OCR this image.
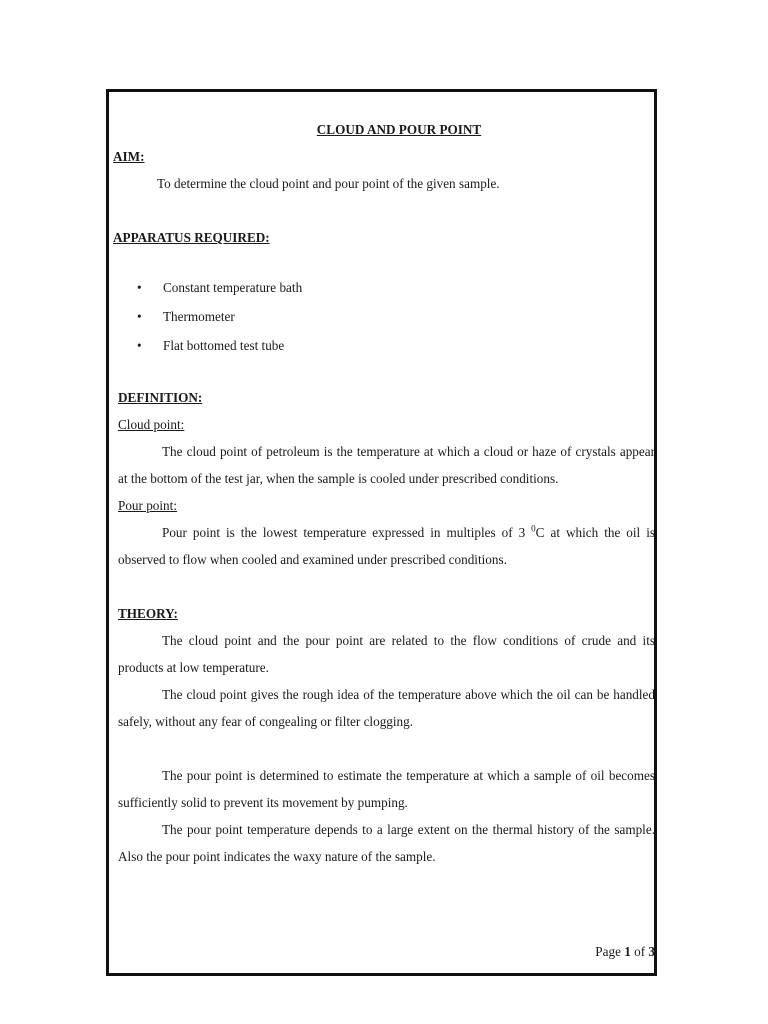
CLOUD AND POUR POINT
AIM:

To determine the cloud point and pour point of the given sample.

APPARATUS REQUIRED:
• Constant temperature bath
• Thermometer
• Flat bottomed test tube
DEFINITION:
Cloud point:

The cloud point of petroleum is the temperature at which a cloud or haze of crystals appear at the bottom of the test jar, when the sample is cooled under prescribed conditions.

Pour point:

Pour point is the lowest temperature expressed in multiples of 3 $^0$C at which the oil is observed to flow when cooled and examined under prescribed conditions.

THEORY:

The cloud point and the pour point are related to the flow conditions of crude and its products at low temperature.

The cloud point gives the rough idea of the temperature above which the oil can be handled safely, without any fear of congealing or filter clogging.

The pour point is determined to estimate the temperature at which a sample of oil becomes sufficiently solid to prevent its movement by pumping.

The pour point temperature depends to a large extent on the thermal history of the sample. Also the pour point indicates the waxy nature of the sample.

Page 1 of 3
